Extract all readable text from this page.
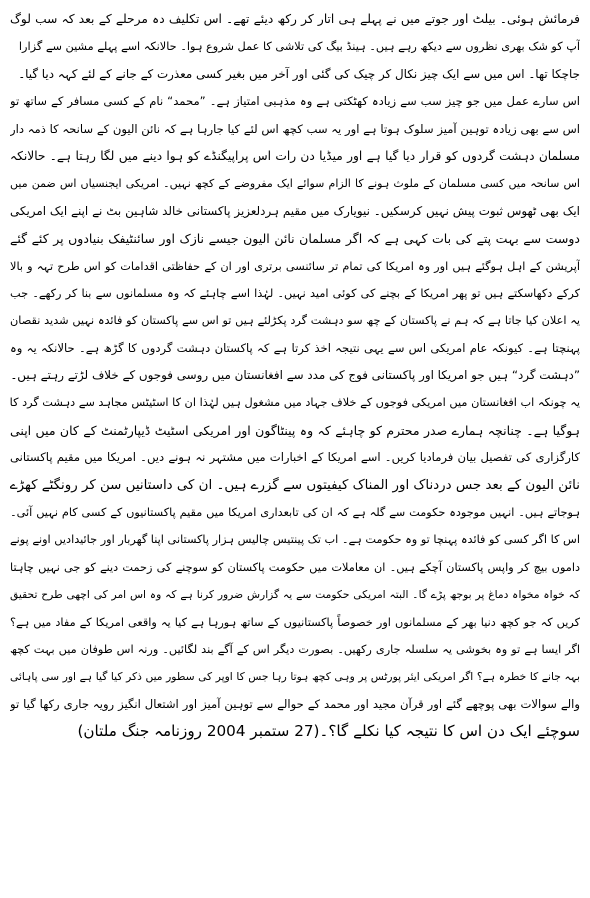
فرمائش ہوئی۔ بیلٹ اور جوتے میں نے پہلے ہی اتار کر رکھ دیئے تھے۔ اس تکلیف دہ مرحلے کے بعد کہ سب لوگ
آپ کو شک بھری نظروں سے دیکھ رہے ہیں۔ ہینڈ بیگ کی تلاشی کا عمل شروع ہوا۔ حالانکہ اسے پہلے مشین سے گزارا
جاچکا تھا۔ اس میں سے ایک چیز نکال کر چیک کی گئی اور آخر میں بغیر کسی معذرت کے جانے کے لئے کہہ دیا گیا۔
اس سارے عمل میں جو چیز سب سے زیادہ کھٹکتی ہے وہ مذہبی امتیاز ہے۔ ”محمد“ نام کے کسی مسافر کے ساتھ تو
اس سے بھی زیادہ توہین آمیز سلوک ہوتا ہے اور یہ سب کچھ اس لئے کیا جارہا ہے کہ نائن الیون کے سانحہ کا ذمہ دار
مسلمان دہشت گردوں کو قرار دیا گیا ہے اور میڈیا دن رات اس پراپیگنڈے کو ہوا دینے میں لگا رہتا ہے۔ حالانکہ
اس سانحہ میں کسی مسلمان کے ملوث ہونے کا الزام سوائے ایک مفروضے کے کچھ نہیں۔ امریکی ایجنسیاں اس ضمن میں
ایک بھی ٹھوس ثبوت پیش نہیں کرسکیں۔ نیویارک میں مقیم ہردلعزیز پاکستانی خالد شاہین بٹ نے اپنے ایک امریکی
دوست سے بہت پتے کی بات کہی ہے کہ اگر مسلمان نائن الیون جیسے نازک اور سائنٹیفک بنیادوں پر کئے گئے
آپریشن کے اہل ہوگئے ہیں اور وہ امریکا کی تمام تر سائنسی برتری اور ان کے حفاظتی اقدامات کو اس طرح تہہ و بالا
کرکے دکھاسکتے ہیں تو پھر امریکا کے بچنے کی کوئی امید نہیں۔ لہٰذا اسے چاہئے کہ وہ مسلمانوں سے بنا کر رکھے۔ جب
یہ اعلان کیا جاتا ہے کہ ہم نے پاکستان کے چھ سو دہشت گرد پکڑلئے ہیں تو اس سے پاکستان کو فائدہ نہیں شدید نقصان
پہنچتا ہے۔ کیونکہ عام امریکی اس سے یہی نتیجہ اخذ کرتا ہے کہ پاکستان دہشت گردوں کا گڑھ ہے۔ حالانکہ یہ وہ
”دہشت گرد“ ہیں جو امریکا اور پاکستانی فوج کی مدد سے افغانستان میں روسی فوجوں کے خلاف لڑتے رہتے ہیں۔
یہ چونکہ اب افغانستان میں امریکی فوجوں کے خلاف جہاد میں مشغول ہیں لہٰذا ان کا اسٹیٹس مجاہد سے دہشت گرد کا
ہوگیا ہے۔ چنانچہ ہمارے صدر محترم کو چاہئے کہ وہ پینٹاگون اور امریکی اسٹیٹ ڈیپارٹمنٹ کے کان میں اپنی
کارگزاری کی تفصیل بیان فرمادیا کریں۔ اسے امریکا کے اخبارات میں مشتہر نہ ہونے دیں۔ امریکا میں مقیم پاکستانی
نائن الیون کے بعد جس دردناک اور المناک کیفیتوں سے گزرے ہیں۔ ان کی داستانیں سن کر رونگٹے کھڑے
ہوجاتے ہیں۔ انہیں موجودہ حکومت سے گلہ ہے کہ ان کی تابعداری امریکا میں مقیم پاکستانیوں کے کسی کام نہیں آئی۔
اس کا اگر کسی کو فائدہ پہنچا تو وہ حکومت ہے۔ اب تک پینتیس چالیس ہزار پاکستانی اپنا گھربار اور جائیدادیں اونے پونے
داموں بیچ کر واپس پاکستان آچکے ہیں۔ ان معاملات میں حکومت پاکستان کو سوچنے کی زحمت دینے کو جی نہیں چاہتا
کہ خواہ مخواہ دماغ پر بوجھ پڑے گا۔ البتہ امریکی حکومت سے یہ گزارش ضرور کرنا ہے کہ وہ اس امر کی اچھی طرح تحقیق
کریں کہ جو کچھ دنیا بھر کے مسلمانوں اور خصوصاً پاکستانیوں کے ساتھ ہورہا ہے کیا یہ واقعی امریکا کے مفاد میں ہے؟
اگر ایسا ہے تو وہ بخوشی یہ سلسلہ جاری رکھیں۔ بصورت دیگر اس کے آگے بند لگائیں۔ ورنہ اس طوفان میں بہت کچھ
بہہ جانے کا خطرہ ہے؟ اگر امریکی ایئر پورٹس پر وہی کچھ ہوتا رہا جس کا اوپر کی سطور میں ذکر کیا گیا ہے اور سی پاہائی
والے سوالات بھی پوچھے گئے اور قرآن مجید اور محمد کے حوالے سے توہین آمیز اور اشتعال انگیز رویہ جاری رکھا گیا تو
سوچئے ایک دن اس کا نتیجہ کیا نکلے گا؟۔(27 ستمبر 2004 روزنامہ جنگ ملتان)
